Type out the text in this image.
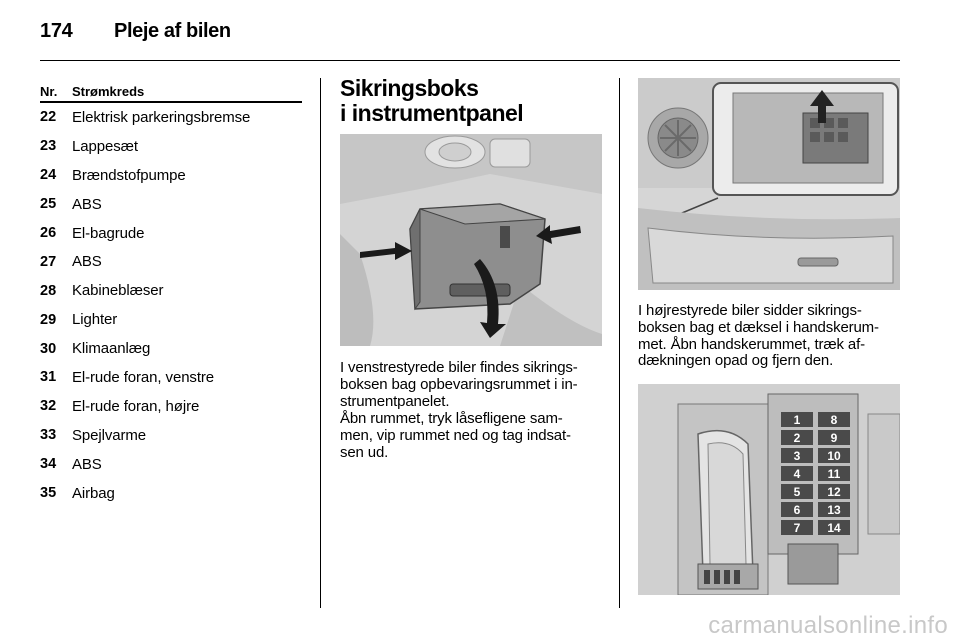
174	Pleje af bilen
Nr.	Strømkreds
22	Elektrisk parkeringsbremse
23	Lappesæt
24	Brændstofpumpe
25	ABS
26	El-bagrude
27	ABS
28	Kabineblæser
29	Lighter
30	Klimaanlæg
31	El-rude foran, venstre
32	El-rude foran, højre
33	Spejlvarme
34	ABS
35	Airbag
Sikringsboks
i instrumentpanel
1
2
3
4
5
6
7
8
9
10
11
12
13
14
I venstrestyrede biler findes sikrings-
boksen bag opbevaringsrummet i in-
strumentpanelet.
Åbn rummet, tryk låsefligene sam-
men, vip rummet ned og tag indsat-
sen ud.
I højrestyrede biler sidder sikrings-
boksen bag et dæksel i handskerum-
met. Åbn handskerummet, træk af-
dækningen opad og fjern den.
carmanualsonline.info
